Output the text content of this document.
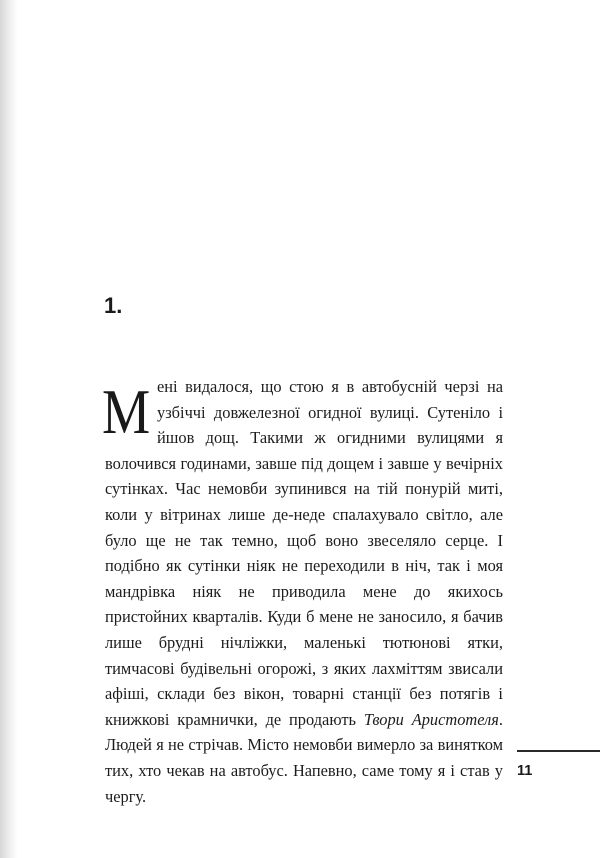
1.

Мені видалося, що стою я в автобусній черзі на узбіччі довжелезної огидної вулиці. Сутеніло і йшов дощ. Такими ж огидними вулицями я волочився годинами, завше під дощем і завше у вечірніх сутінках. Час немовби зупинився на тій понурій миті, коли у вітринах лише де-неде спалахувало світло, але було ще не так темно, щоб воно звеселяло серце. І подібно як сутінки ніяк не переходили в ніч, так і моя мандрівка ніяк не приводила мене до якихось пристойних кварталів. Куди б мене не заносило, я бачив лише брудні нічліжки, маленькі тютюнові ятки, тимчасові будівельні огорожі, з яких лахміттям звисали афіші, склади без вікон, товарні станції без потягів і книжкові крамнички, де продають Твори Аристотеля. Людей я не стрічав. Місто немовби вимерло за винятком тих, хто чекав на автобус. Напевно, саме тому я і став у чергу.

11
